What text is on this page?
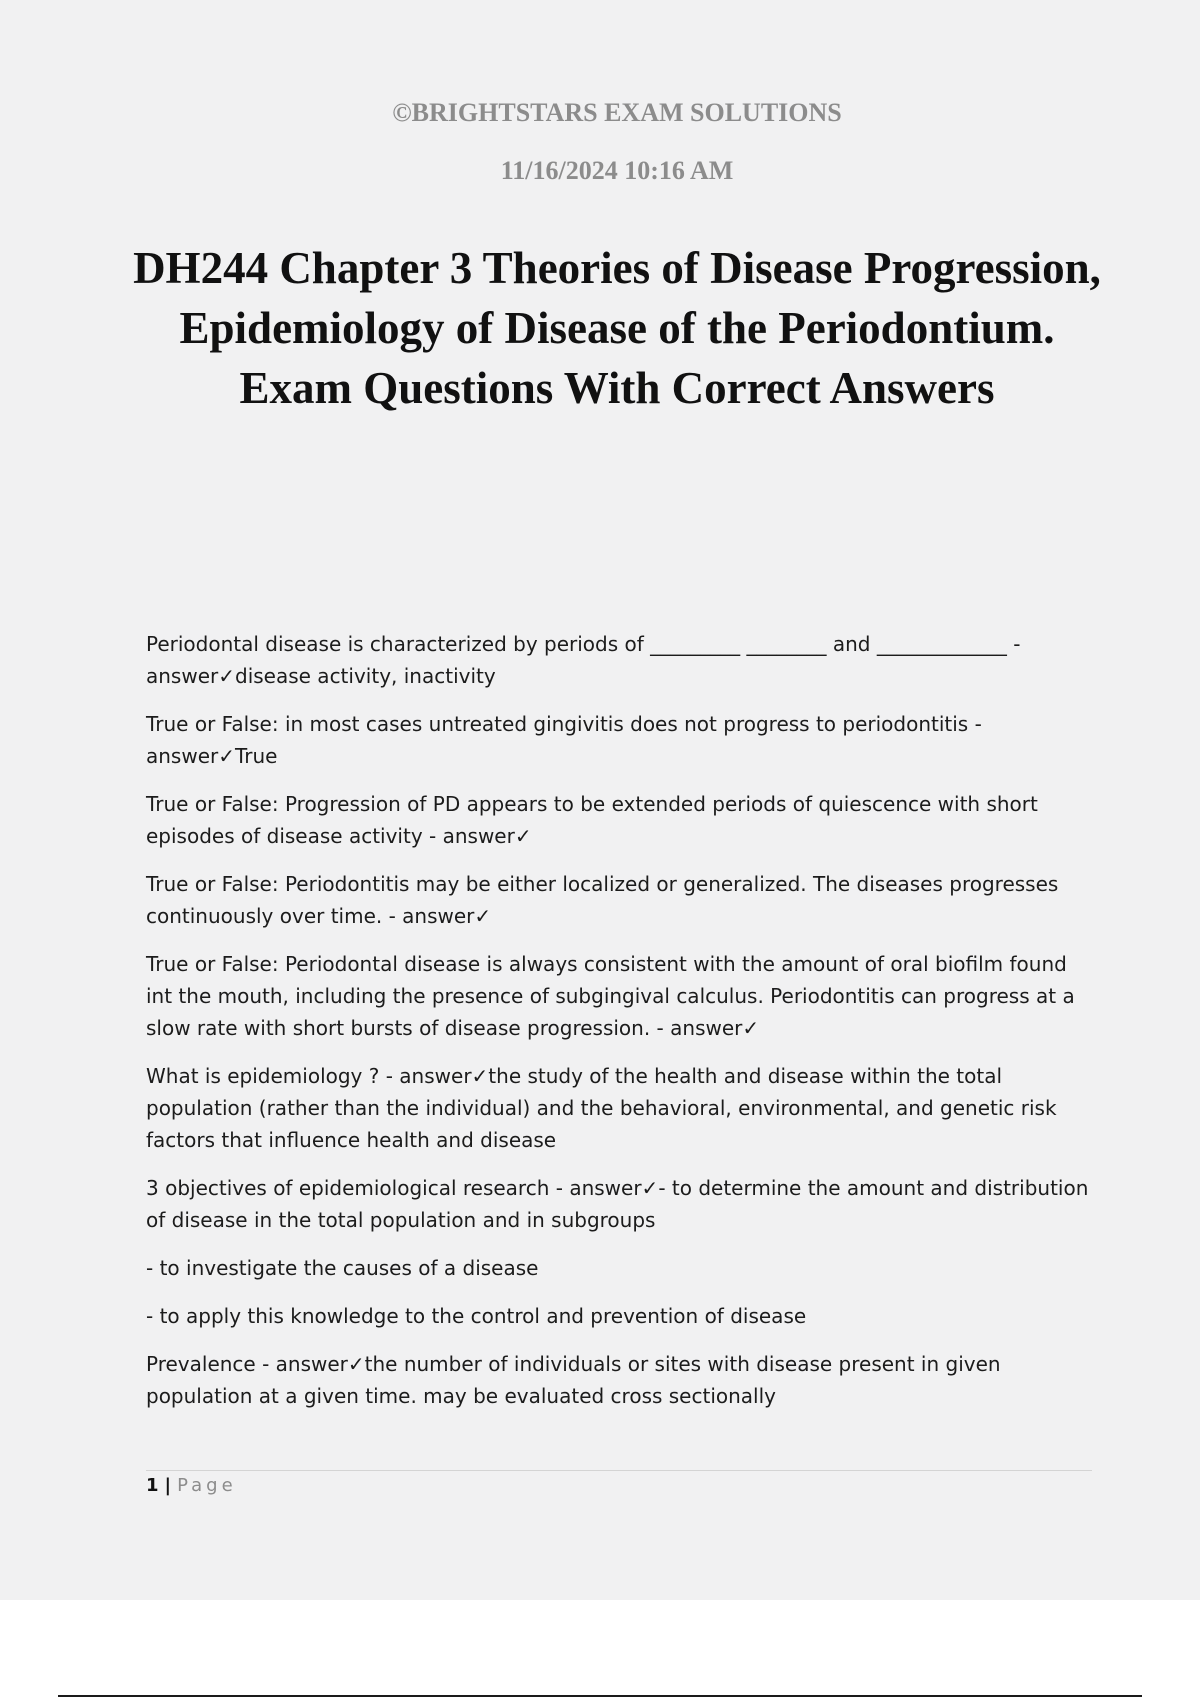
©BRIGHTSTARS EXAM SOLUTIONS
11/16/2024 10:16 AM
DH244 Chapter 3 Theories of Disease Progression, Epidemiology of Disease of the Periodontium. Exam Questions With Correct Answers

Periodontal disease is characterized by periods of _________ ________ and _____________ - answer✓disease activity, inactivity

True or False: in most cases untreated gingivitis does not progress to periodontitis - answer✓True

True or False: Progression of PD appears to be extended periods of quiescence with short episodes of disease activity - answer✓

True or False: Periodontitis may be either localized or generalized. The diseases progresses continuously over time. - answer✓

True or False: Periodontal disease is always consistent with the amount of oral biofilm found int the mouth, including the presence of subgingival calculus. Periodontitis can progress at a slow rate with short bursts of disease progression. - answer✓

What is epidemiology ? - answer✓the study of the health and disease within the total population (rather than the individual) and the behavioral, environmental, and genetic risk factors that influence health and disease

3 objectives of epidemiological research - answer✓- to determine the amount and distribution of disease in the total population and in subgroups

- to investigate the causes of a disease

- to apply this knowledge to the control and prevention of disease

Prevalence - answer✓the number of individuals or sites with disease present in given population at a given time. may be evaluated cross sectionally

1 | Page
